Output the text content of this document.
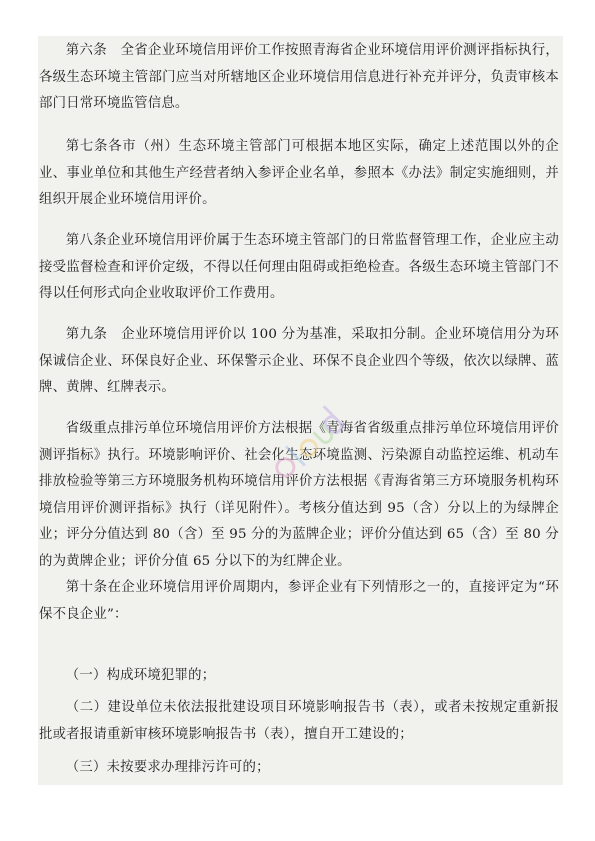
第六条　全省企业环境信用评价工作按照青海省企业环境信用评价测评指标执行，各级生态环境主管部门应当对所辖地区企业环境信用信息进行补充并评分，负责审核本部门日常环境监管信息。

第七条各市（州）生态环境主管部门可根据本地区实际，确定上述范围以外的企业、事业单位和其他生产经营者纳入参评企业名单，参照本《办法》制定实施细则，并组织开展企业环境信用评价。

第八条企业环境信用评价属于生态环境主管部门的日常监督管理工作，企业应主动接受监督检查和评价定级，不得以任何理由阻碍或拒绝检查。各级生态环境主管部门不得以任何形式向企业收取评价工作费用。

第九条　企业环境信用评价以 100 分为基准，采取扣分制。企业环境信用分为环保诚信企业、环保良好企业、环保警示企业、环保不良企业四个等级，依次以绿牌、蓝牌、黄牌、红牌表示。

省级重点排污单位环境信用评价方法根据《青海省省级重点排污单位环境信用评价测评指标》执行。环境影响评价、社会化生态环境监测、污染源自动监控运维、机动车排放检验等第三方环境服务机构环境信用评价方法根据《青海省第三方环境服务机构环境信用评价测评指标》执行（详见附件）。考核分值达到 95（含）分以上的为绿牌企业；评分分值达到 80（含）至 95 分的为蓝牌企业；评价分值达到 65（含）至 80 分的为黄牌企业；评价分值 65 分以下的为红牌企业。

第十条在企业环境信用评价周期内，参评企业有下列情形之一的，直接评定为“环保不良企业”：

（一）构成环境犯罪的；

（二）建设单位未依法报批建设项目环境影响报告书（表），或者未按规定重新报批或者报请重新审核环境影响报告书（表），擅自开工建设的；

（三）未按要求办理排污许可的；
